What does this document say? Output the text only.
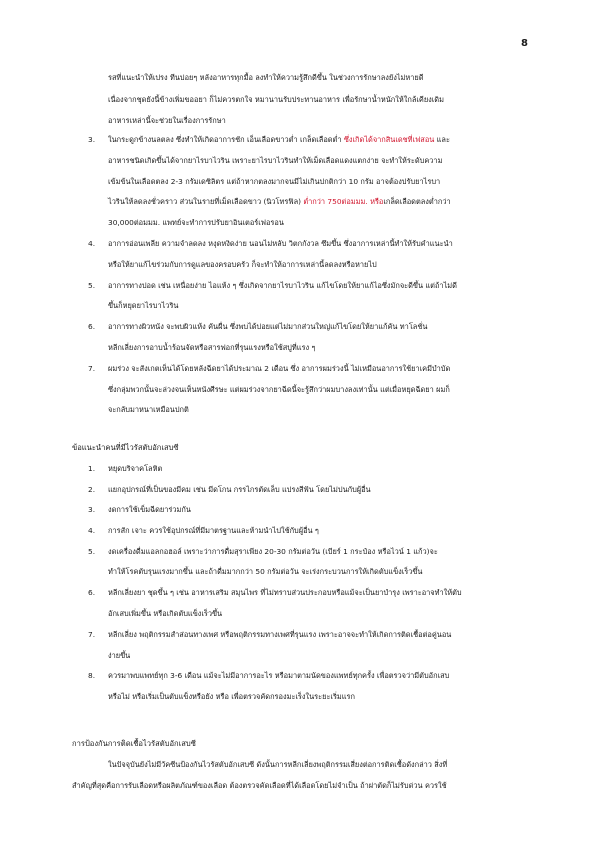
8
รสที่แนะนำให้เปรง ทีนบ่อยๆ หลังอาหารทุกมื้อ ลงทำให้ความรู้สึกดีขึ้น ในช่วงการรักษาลงยังไม่หายดี
เนื่องจากชุดยังนี้ข้างเพิ่มขออยา ก็ไม่ควรตกใจ หมานานรับประทานอาหาร เพื่อรักษาน้ำหนักให้ใกล้เคียงเดิม
อาหารเหล่านี้จะช่วยในเรื่องการรักษา
3. ในกระดูกข้างนลตลง ซึ่งทำให้เกิดอาการชัก เอ็นเลือดขาวต่ำ เกล็ดเลือดต่ำ ซึ่งเกิดได้จากสินเดชที่เฟสอน และ
อาหารชนิดเกิดขึ้นได้จากยาไรบาไวริน เพราะยาไรบาไวรินทำให้เม็ดเลือดแดงแตกง่าย จะทำให้ระดับความ
เข้มข้นในเลือดตลง 2-3 กรัมเดซิลิตร แต่ถ้าหากตลงมากจนมีไม่เกินปกติกว่า 10 กรัม อาจต้องปรับยาไรบา
ไวรินให้ลดลงชั่วคราว ส่วนในรายที่เม็ดเลือดขาว (นิวโทรฟิล) ต่ำกว่า 750ต่อมมม. หรือเกล็ดเลือดตลงต่ำกว่า
30,000ต่อมมม. แพทย์จะทำการปรับยาอินเตอร์เฟอรอน
4. อาการอ่อนเพลีย ความจำลดลง หงุดหงิดง่าย นอนไม่หลับ วิตกกังวล ซึมขึ้น ซึ่งอาการเหล่านี้ทำให้รับคำแนะนำ
หรือให้ยาแก้ไขร่วมกับการดูแลของครอบครัว ก็จะทำให้อาการเหล่านี้ลดลงหรือหายไป
5. อาการทางปอด เช่น เหนื่อยง่าย ไอแห้ง ๆ ซึ่งเกิดจากยาไรบาไวริน แก้ไขโดยให้ยาแก้ไอซึ่งมักจะดีขึ้น แต่ถ้าไม่ดี
ขึ้นก็หยุดยาไรบาไวริน
6. อาการทางผิวหนัง จะพบผิวแห้ง คันผื่น ซึ่งพบได้บ่อยแต่ไม่มากส่วนใหญ่แก้ไขโดยให้ยาแก้คัน ทาโลชั่น
หลีกเลี่ยงการอาบน้ำร้อนจัดหรือสารฟอกที่รุนแรงหรือใช้สบู่ที่แรง ๆ
7. ผมร่วง จะสังเกตเห็นได้โดยหลังฉีดยาได้ประมาณ 2 เดือน ซึ่ง อาการผมร่วงนี้ ไม่เหมือนอาการใช้ยาเคมีบำบัด
ซึ่งกลุ่มพวกนั้นจะล่วงจนเห็นหนังศีรษะ แต่ผมร่วงจากยาฉีดนี้จะรู้สึกว่าผมบางลงเท่านั้น แต่เมื่อหยุดฉีดยา ผมก็
จะกลับมาหนาเหมือนปกติ
ข้อแนะนำคนที่มีไวรัสตับอักเสบซี
1. หยุดบริจาคโลหิต
2. แยกอุปกรณ์ที่เป็นของมีคม เช่น มีดโกน กรรไกรตัดเล็บ แปรงสีฟัน โดยไม่ปนกับผู้อื่น
3. งดการใช้เข็มฉีดยาร่วมกัน
4. การสัก เจาะ ควรใช้อุปกรณ์ที่มีมาตรฐานและห้ามนำไปใช้กับผู้อื่น ๆ
5. งดเครื่องดื่มแอลกอฮอล์ เพราะว่าการดื่มสุราเพียง 20-30 กรัมต่อวัน (เบียร์ 1 กระป๋อง หรือไวน์ 1 แก้ว)จะ
ทำให้โรคตับรุนแรงมากขึ้น และถ้าดื่มมากกว่า 50 กรัมต่อวัน จะเร่งกระบวนการให้เกิดตับแข็งเร็วขึ้น
6. หลีกเลี่ยงยา ชุดขึ้น ๆ เช่น อาหารเสริม สมุนไพร ที่ไม่ทราบส่วนประกอบหรือแม้จะเป็นยาบำรุง เพราะอาจทำให้ตับ
อักเสบเพิ่มขึ้น หรือเกิดตับแข็งเร็วขึ้น
7. หลีกเลี่ยง พฤติกรรมสำส่อนทางเพศ หรือพฤติกรรมทางเพศที่รุนแรง เพราะอาจจะทำให้เกิดการติดเชื้อต่อคู่นอน
ง่ายขึ้น
8. ควรมาพบแพทย์ทุก 3-6 เดือน แม้จะไม่มีอาการอะไร หรือมาตามนัดของแพทย์ทุกครั้ง เพื่อตรวจว่ามีตับอักเสบ
หรือไม่ หรือเริ่มเป็นตับแข็งหรือยัง หรือ เพื่อตรวจคัดกรองมะเร็งในระยะเริ่มแรก
การป้องกันการติดเชื้อไวรัสตับอักเสบซี
ในปัจจุบันยังไม่มีวัคซีนป้องกันไวรัสตับอักเสบซี ดังนั้นการหลีกเลี่ยงพฤติกรรมเสี่ยงต่อการติดเชื้อดังกล่าว สิ่งที่
สำคัญที่สุดคือการรับเลือดหรือผลิตภัณฑ์ของเลือด ต้องตรวจคัดเลือดที่ได้เลือดโดยไม่จำเป็น ถ้าผ่าตัดก็ไม่รับด่วน ควรใช้
